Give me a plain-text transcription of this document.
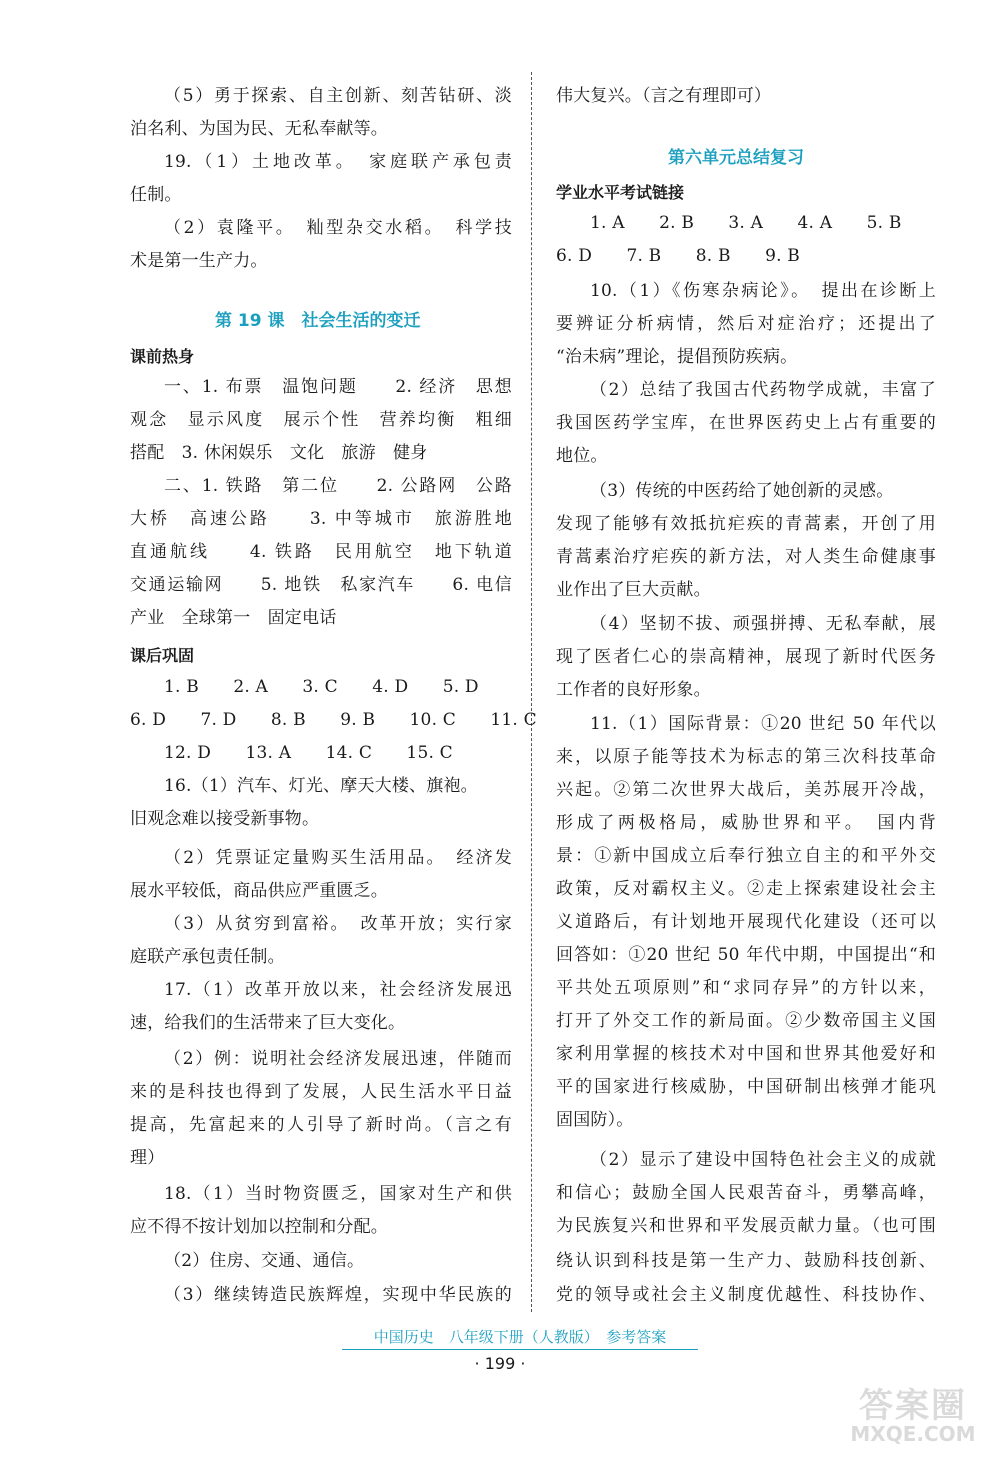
（5）勇于探索、自主创新、刻苦钻研、淡
泊名利、为国为民、无私奉献等。
19.（1）土地改革。　家庭联产承包责
任制。
（2）袁隆平。　籼型杂交水稻。　科学技
术是第一生产力。
第 19 课　社会生活的变迁
课前热身
一、1. 布票　温饱问题　　2. 经济　思想
观念　显示风度　展示个性　营养均衡　粗细
搭配　3. 休闲娱乐　文化　旅游　健身
二、1. 铁路　第二位　　2. 公路网　公路
大桥　高速公路　　3. 中等城市　旅游胜地
直通航线　　4. 铁路　民用航空　地下轨道
交通运输网　　5. 地铁　私家汽车　　6. 电信
产业　全球第一　固定电话
课后巩固
1. B　　2. A　　3. C　　4. D　　5. D
6. D　　7. D　　8. B　　9. B　　10. C　　11. C
12. D　　13. A　　14. C　　15. C
16.（1）汽车、灯光、摩天大楼、旗袍。
旧观念难以接受新事物。
（2）凭票证定量购买生活用品。　经济发
展水平较低，商品供应严重匮乏。
（3）从贫穷到富裕。　改革开放；实行家
庭联产承包责任制。
17.（1）改革开放以来，社会经济发展迅
速，给我们的生活带来了巨大变化。
（2）例：说明社会经济发展迅速，伴随而
来的是科技也得到了发展，人民生活水平日益
提高，先富起来的人引导了新时尚。（言之有
理）
18.（1）当时物资匮乏，国家对生产和供
应不得不按计划加以控制和分配。
（2）住房、交通、通信。
（3）继续铸造民族辉煌，实现中华民族的
伟大复兴。（言之有理即可）
第六单元总结复习
学业水平考试链接
1. A　　2. B　　3. A　　4. A　　5. B
6. D　　7. B　　8. B　　9. B
10.（1）《伤寒杂病论》。　提出在诊断上
要辨证分析病情，然后对症治疗；还提出了
“治未病”理论，提倡预防疾病。
（2）总结了我国古代药物学成就，丰富了
我国医药学宝库，在世界医药史上占有重要的
地位。
（3）传统的中医药给了她创新的灵感。
发现了能够有效抵抗疟疾的青蒿素，开创了用
青蒿素治疗疟疾的新方法，对人类生命健康事
业作出了巨大贡献。
（4）坚韧不拔、顽强拼搏、无私奉献，展
现了医者仁心的崇高精神，展现了新时代医务
工作者的良好形象。
11.（1）国际背景：①20 世纪 50 年代以
来，以原子能等技术为标志的第三次科技革命
兴起。②第二次世界大战后，美苏展开冷战，
形成了两极格局，威胁世界和平。　国内背
景：①新中国成立后奉行独立自主的和平外交
政策，反对霸权主义。②走上探索建设社会主
义道路后，有计划地开展现代化建设（还可以
回答如：①20 世纪 50 年代中期，中国提出“和
平共处五项原则”和“求同存异”的方针以来，
打开了外交工作的新局面。②少数帝国主义国
家利用掌握的核技术对中国和世界其他爱好和
平的国家进行核威胁，中国研制出核弹才能巩
固国防）。
（2）显示了建设中国特色社会主义的成就
和信心；鼓励全国人民艰苦奋斗，勇攀高峰，
为民族复兴和世界和平发展贡献力量。（也可围
绕认识到科技是第一生产力、鼓励科技创新、
党的领导或社会主义制度优越性、科技协作、
中国历史　八年级下册（人教版）　参考答案
· 199 ·
答案圈
MXQE.COM
